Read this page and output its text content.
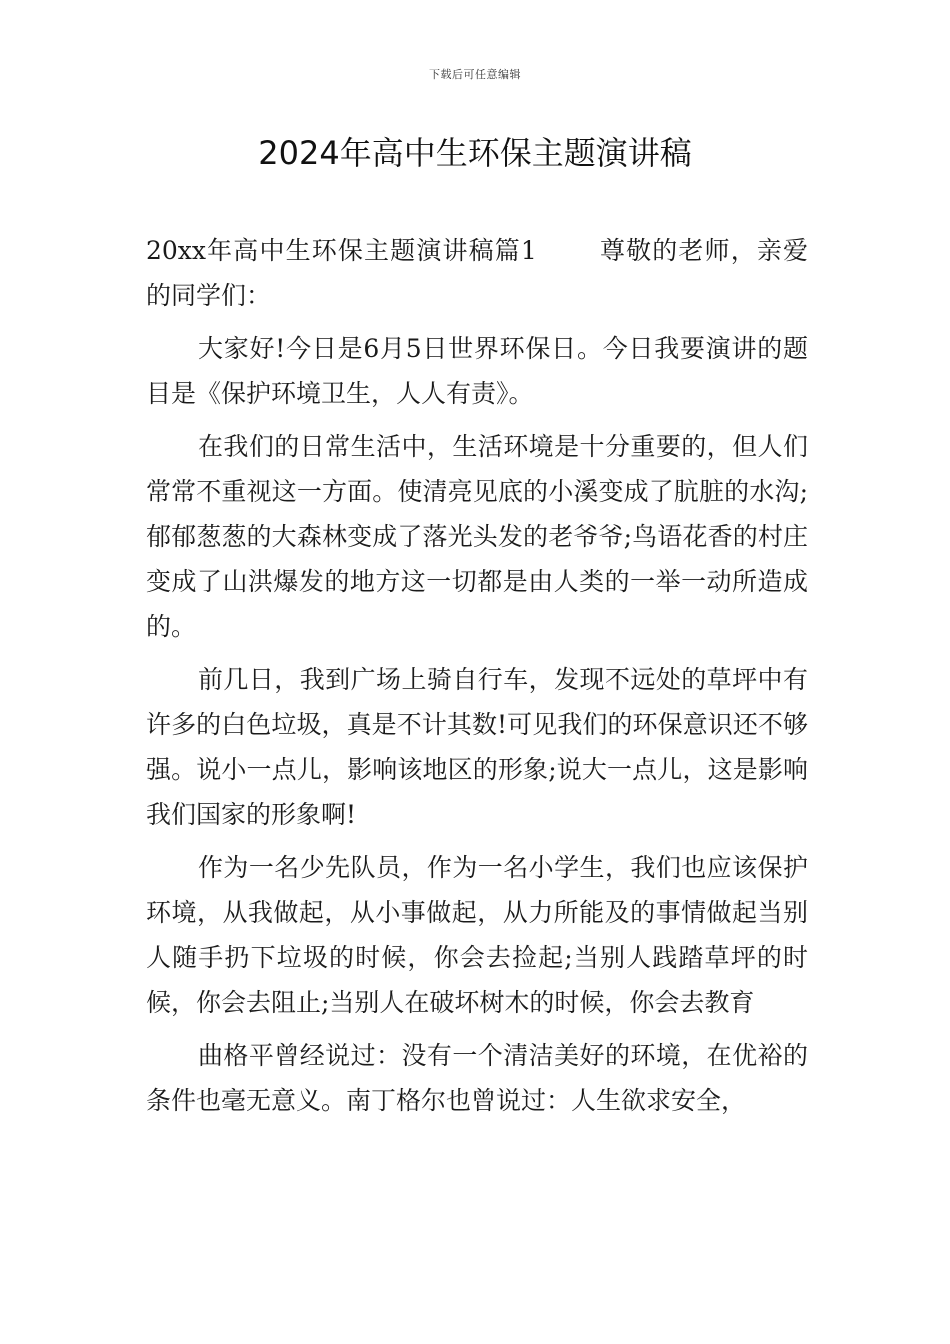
下载后可任意编辑
2024年高中生环保主题演讲稿

20xx年高中生环保主题演讲稿篇1 尊敬的老师，亲爱的同学们：

大家好!今日是6月5日世界环保日。今日我要演讲的题目是《保护环境卫生，人人有责》。

在我们的日常生活中，生活环境是十分重要的，但人们常常不重视这一方面。使清亮见底的小溪变成了肮脏的水沟;郁郁葱葱的大森林变成了落光头发的老爷爷;鸟语花香的村庄变成了山洪爆发的地方这一切都是由人类的一举一动所造成的。

前几日，我到广场上骑自行车，发现不远处的草坪中有许多的白色垃圾，真是不计其数!可见我们的环保意识还不够强。说小一点儿，影响该地区的形象;说大一点儿，这是影响我们国家的形象啊!

作为一名少先队员，作为一名小学生，我们也应该保护环境，从我做起，从小事做起，从力所能及的事情做起当别人随手扔下垃圾的时候，你会去捡起;当别人践踏草坪的时候，你会去阻止;当别人在破坏树木的时候，你会去教育

曲格平曾经说过：没有一个清洁美好的环境，在优裕的条件也毫无意义。南丁格尔也曾说过：人生欲求安全，
